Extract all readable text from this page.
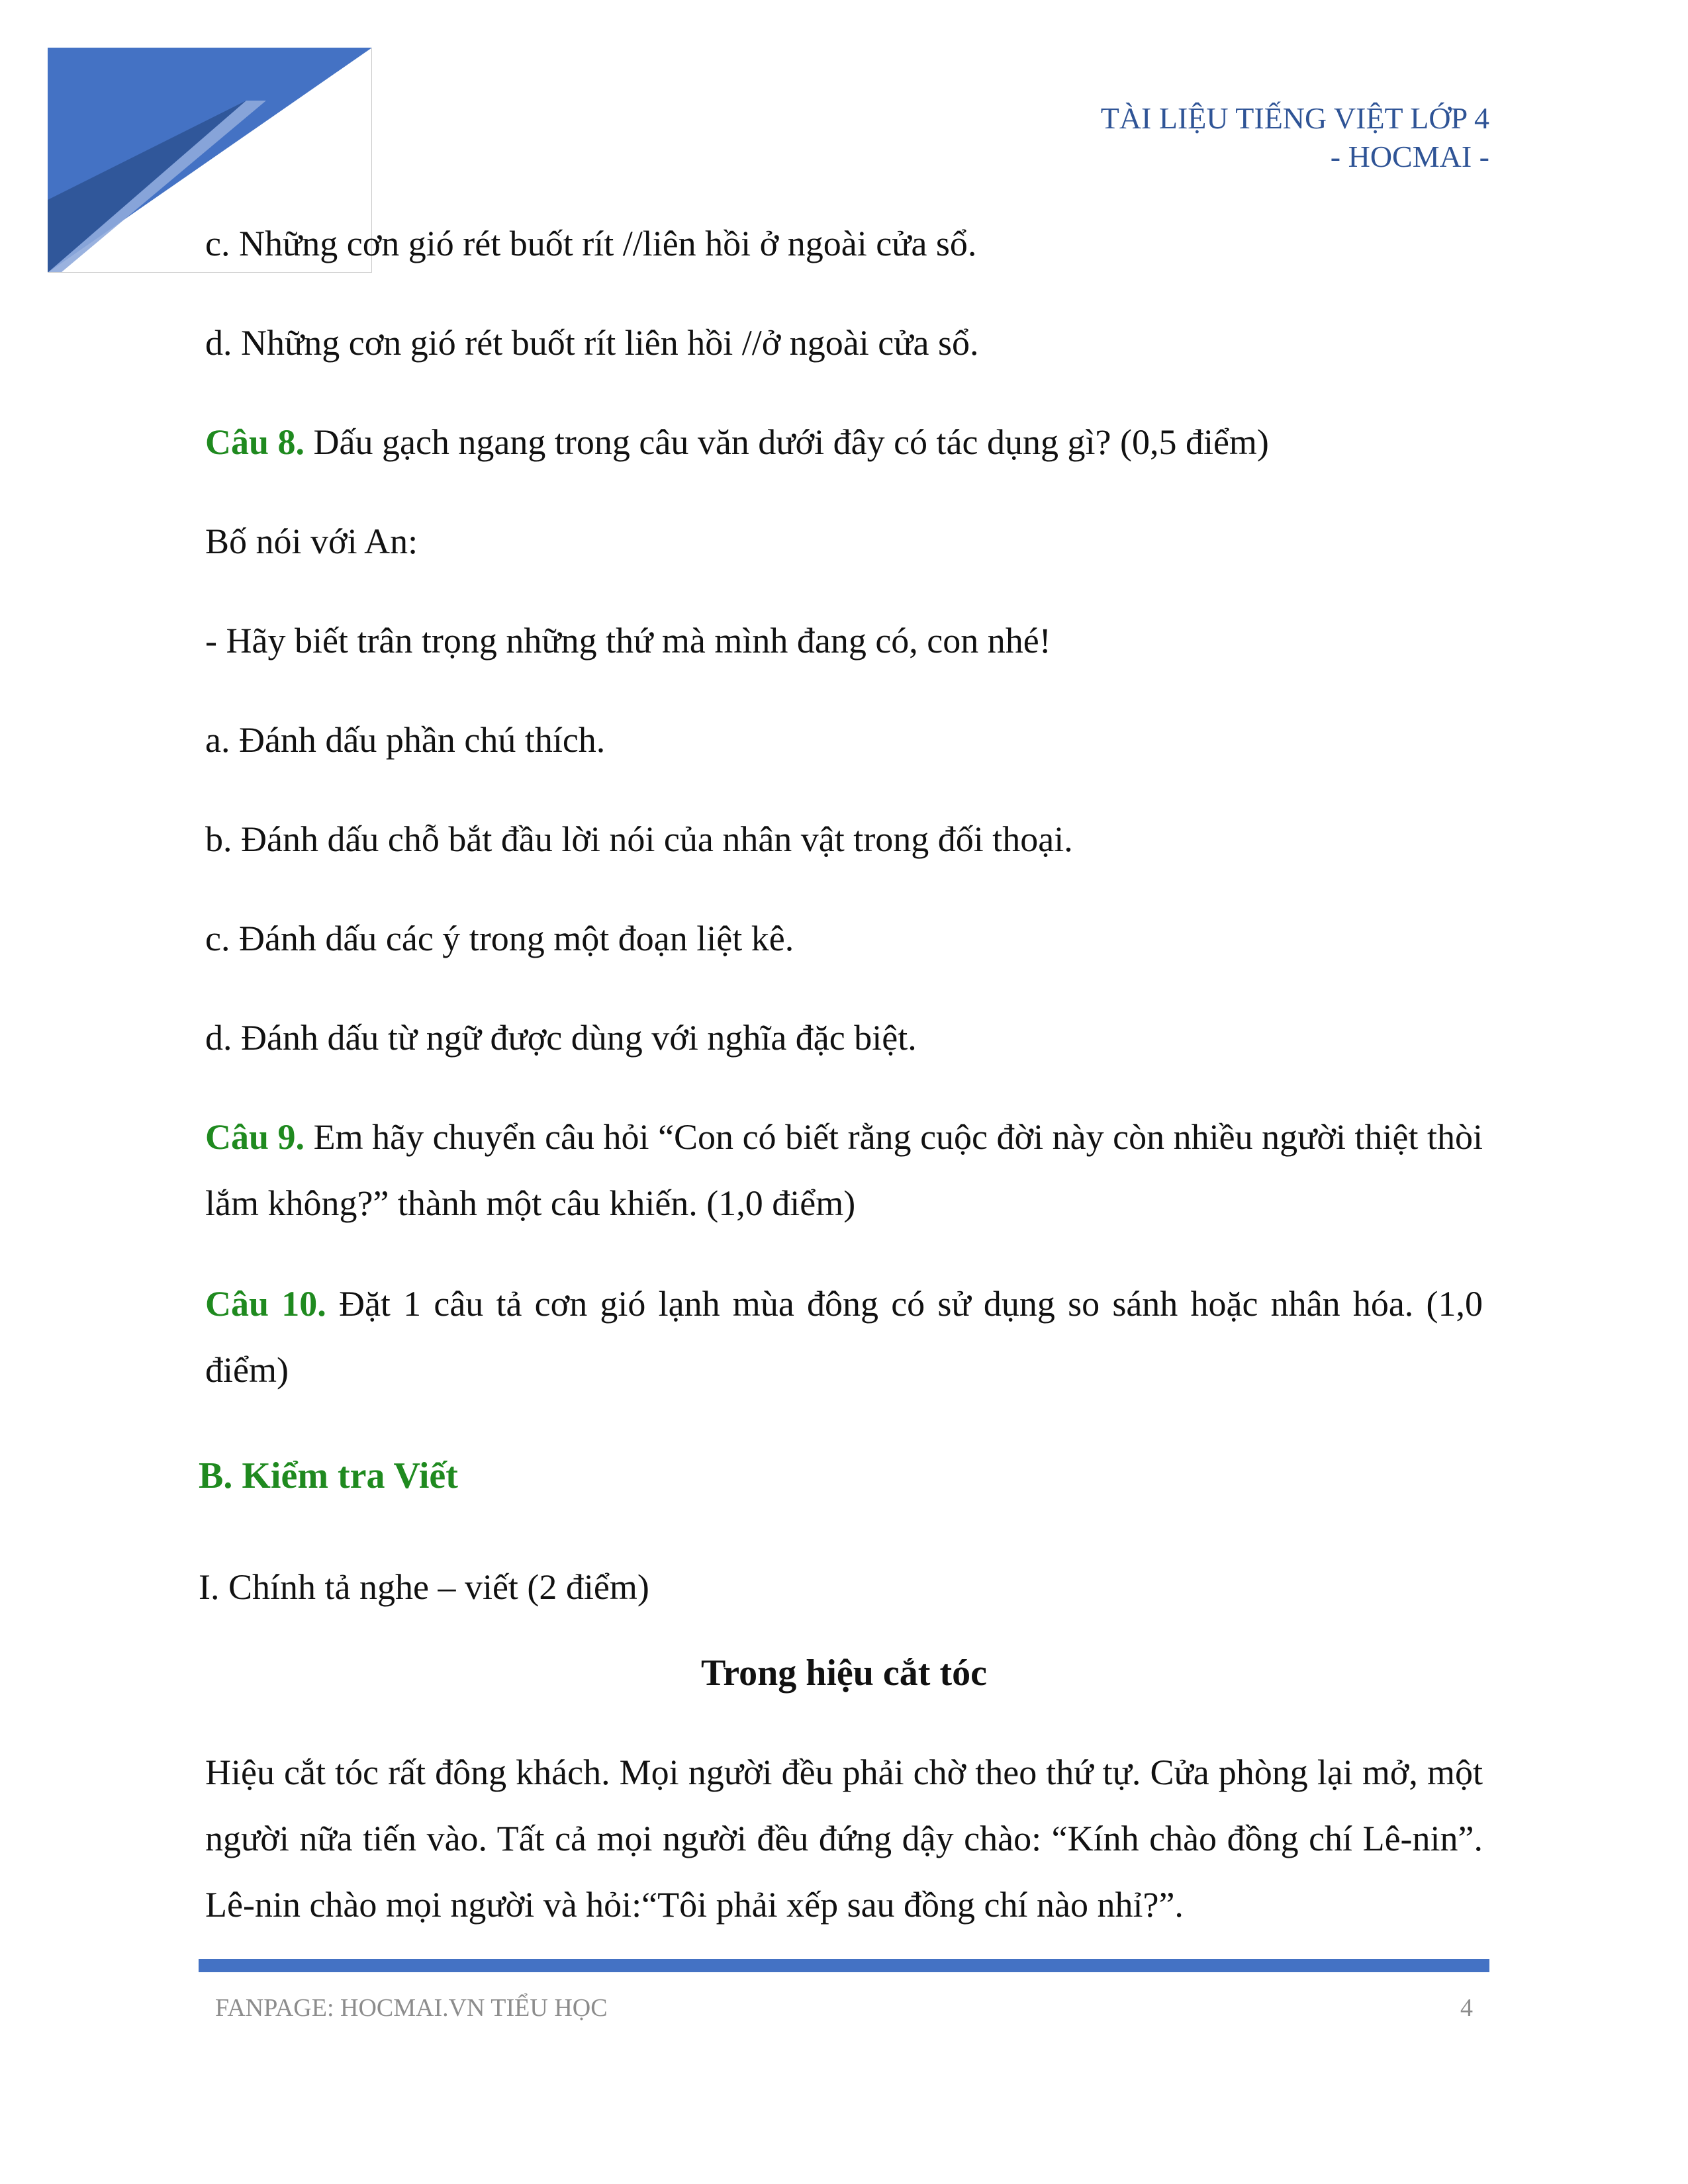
TÀI LIỆU TIẾNG VIỆT LỚP 4
- HOCMAI -
c. Những cơn gió rét buốt rít //liên hồi ở ngoài cửa sổ.
d. Những cơn gió rét buốt rít liên hồi //ở ngoài cửa sổ.
Câu 8. Dấu gạch ngang trong câu văn dưới đây có tác dụng gì? (0,5 điểm)
Bố nói với An:
- Hãy biết trân trọng những thứ mà mình đang có, con nhé!
a. Đánh dấu phần chú thích.
b. Đánh dấu chỗ bắt đầu lời nói của nhân vật trong đối thoại.
c. Đánh dấu các ý trong một đoạn liệt kê.
d. Đánh dấu từ ngữ được dùng với nghĩa đặc biệt.
Câu 9. Em hãy chuyển câu hỏi “Con có biết rằng cuộc đời này còn nhiều người thiệt thòi lắm không?” thành một câu khiến. (1,0 điểm)
Câu 10. Đặt 1 câu tả cơn gió lạnh mùa đông có sử dụng so sánh hoặc nhân hóa. (1,0 điểm)
B. Kiểm tra Viết
I. Chính tả nghe – viết (2 điểm)
Trong hiệu cắt tóc
Hiệu cắt tóc rất đông khách. Mọi người đều phải chờ theo thứ tự. Cửa phòng lại mở, một người nữa tiến vào. Tất cả mọi người đều đứng dậy chào: “Kính chào đồng chí Lê-nin”. Lê-nin chào mọi người và hỏi:“Tôi phải xếp sau đồng chí nào nhỉ?”.
FANPAGE: HOCMAI.VN TIỂU HỌC	4
